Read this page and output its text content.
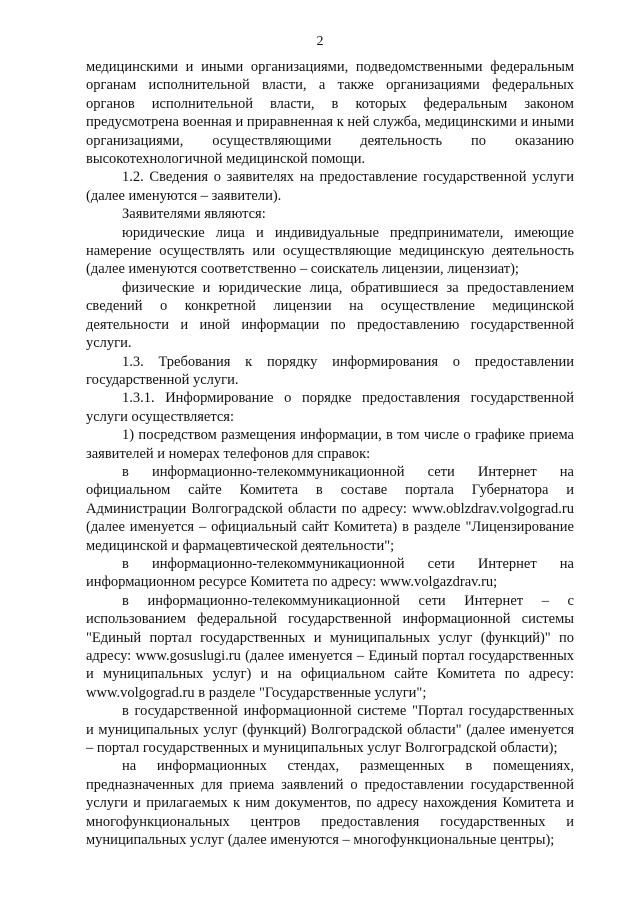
2

медицинскими и иными организациями, подведомственными федеральным органам исполнительной власти, а также организациями федеральных органов исполнительной власти, в которых федеральным законом предусмотрена военная и приравненная к ней служба, медицинскими и иными организациями, осуществляющими деятельность по оказанию высокотехнологичной медицинской помощи.

1.2. Сведения о заявителях на предоставление государственной услуги (далее именуются – заявители).

Заявителями являются:

юридические лица и индивидуальные предприниматели, имеющие намерение осуществлять или осуществляющие медицинскую деятельность (далее именуются соответственно – соискатель лицензии, лицензиат);

физические и юридические лица, обратившиеся за предоставлением сведений о конкретной лицензии на осуществление медицинской деятельности и иной информации по предоставлению государственной услуги.

1.3. Требования к порядку информирования о предоставлении государственной услуги.

1.3.1. Информирование о порядке предоставления государственной услуги осуществляется:

1) посредством размещения информации, в том числе о графике приема заявителей и номерах телефонов для справок:

в информационно-телекоммуникационной сети Интернет на официальном сайте Комитета в составе портала Губернатора и Администрации Волгоградской области по адресу: www.oblzdrav.volgograd.ru (далее именуется – официальный сайт Комитета) в разделе "Лицензирование медицинской и фармацевтической деятельности";

в информационно-телекоммуникационной сети Интернет на информационном ресурсе Комитета по адресу: www.volgazdrav.ru;

в информационно-телекоммуникационной сети Интернет – с использованием федеральной государственной информационной системы "Единый портал государственных и муниципальных услуг (функций)" по адресу: www.gosuslugi.ru (далее именуется – Единый портал государственных и муниципальных услуг) и на официальном сайте Комитета по адресу: www.volgograd.ru в разделе "Государственные услуги";

в государственной информационной системе "Портал государственных и муниципальных услуг (функций) Волгоградской области" (далее именуется – портал государственных и муниципальных услуг Волгоградской области);

на информационных стендах, размещенных в помещениях, предназначенных для приема заявлений о предоставлении государственной услуги и прилагаемых к ним документов, по адресу нахождения Комитета и многофункциональных центров предоставления государственных и муниципальных услуг (далее именуются – многофункциональные центры);
